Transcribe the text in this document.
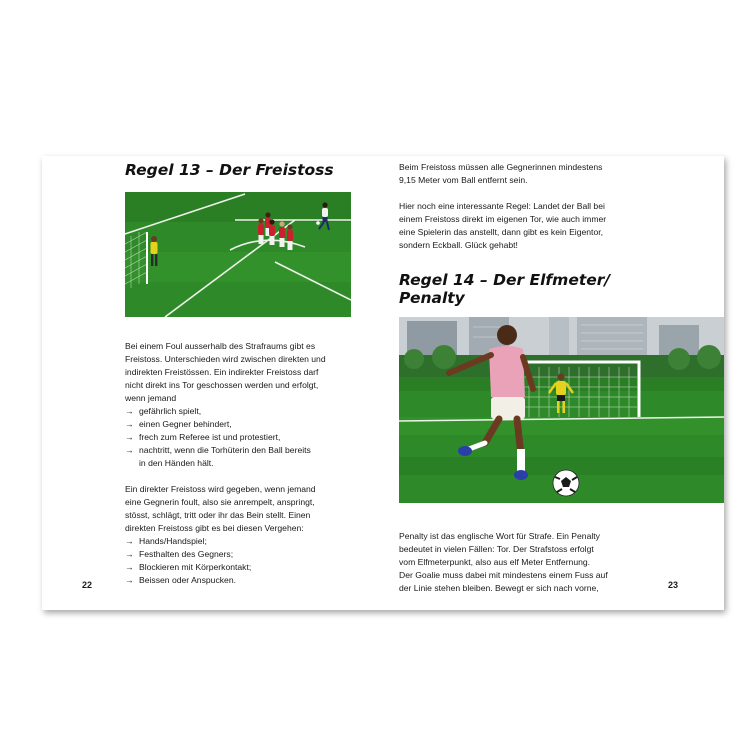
Regel 13 – Der Freistoss

Bei einem Foul ausserhalb des Strafraums gibt es

Freistoss. Unterschieden wird zwischen direkten und

indirekten Freistössen. Ein indirekter Freistoss darf

nicht direkt ins Tor geschossen werden und erfolgt,

wenn jemand

→ gefährlich spielt,
→ einen Gegner behindert,
→ frech zum Referee ist und protestiert,
→ nachtritt, wenn die Torhüterin den Ball bereits
in den Händen hält.

Ein direkter Freistoss wird gegeben, wenn jemand

eine Gegnerin foult, also sie anrempelt, anspringt,

stösst, schlägt, tritt oder ihr das Bein stellt. Einen

direkten Freistoss gibt es bei diesen Vergehen:

→ Hands/Handspiel;
→ Festhalten des Gegners;
→ Blockieren mit Körperkontakt;
→ Beissen oder Anspucken.
22

Beim Freistoss müssen alle Gegnerinnen mindestens

9,15 Meter vom Ball entfernt sein.

Hier noch eine interessante Regel: Landet der Ball bei

einem Freistoss direkt im eigenen Tor, wie auch immer

eine Spielerin das anstellt, dann gibt es kein Eigentor,

sondern Eckball. Glück gehabt!

Regel 14 – Der Elfmeter/
Penalty

Penalty ist das englische Wort für Strafe. Ein Penalty

bedeutet in vielen Fällen: Tor. Der Strafstoss erfolgt

vom Elfmeterpunkt, also aus elf Meter Entfernung.

Der Goalie muss dabei mit mindestens einem Fuss auf

der Linie stehen bleiben. Bewegt er sich nach vorne,	23
